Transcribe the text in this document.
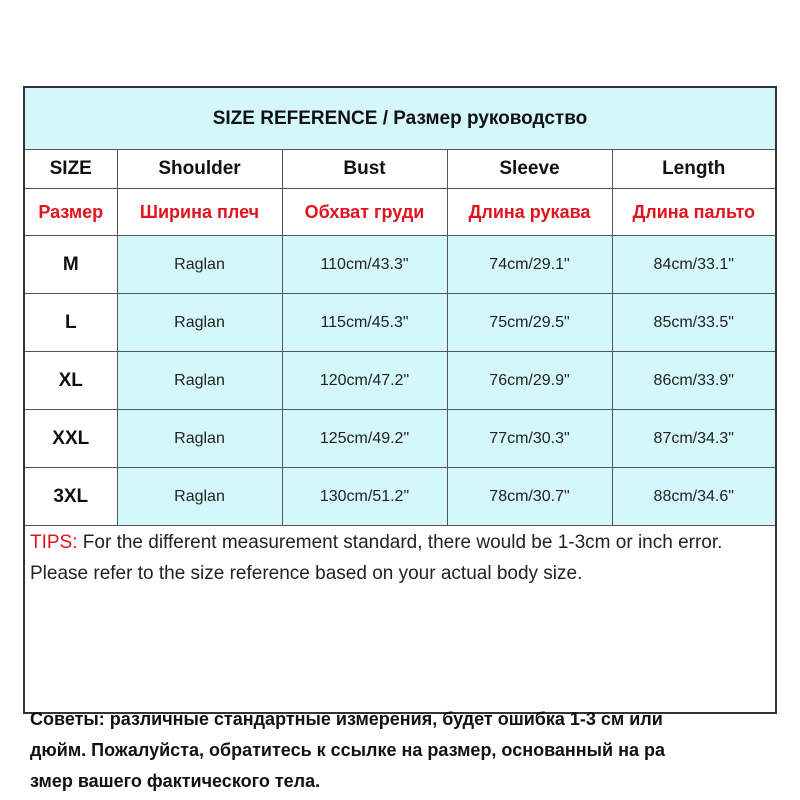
SIZE REFERENCE / Размер руководство				
SIZE	Shoulder	Bust	Sleeve	Length
Размер	Ширина плеч	Обхват груди	Длина рукава	Длина пальто
M	Raglan	110cm/43.3"	74cm/29.1"	84cm/33.1"
L	Raglan	115cm/45.3"	75cm/29.5"	85cm/33.5"
XL	Raglan	120cm/47.2"	76cm/29.9"	86cm/33.9"
XXL	Raglan	125cm/49.2"	77cm/30.3"	87cm/34.3"
3XL	Raglan	130cm/51.2"	78cm/30.7"	88cm/34.6"
TIPS: For the different measurement standard, there would be 1-3cm or inch error. Please refer to the size reference based on your actual body size.
Советы: различные стандартные измерения, будет ошибка 1-3 см или
дюйм. Пожалуйста, обратитесь к ссылке на размер, основанный на ра
змер вашего фактического тела.
